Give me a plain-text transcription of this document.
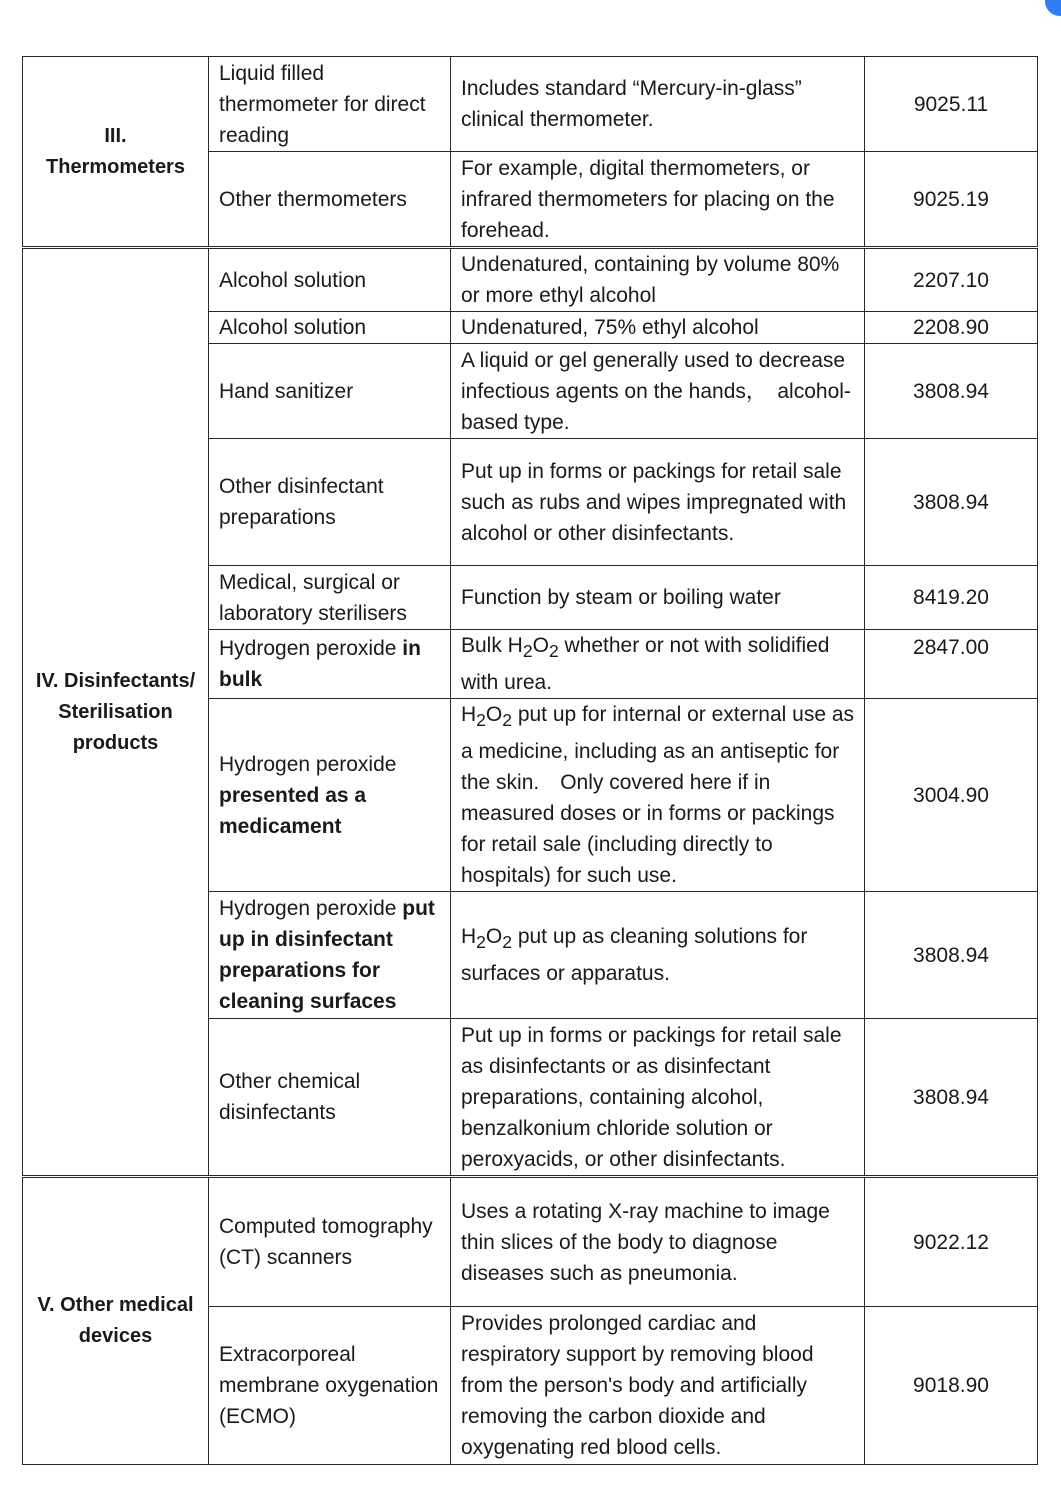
III.
Thermometers	Liquid filled thermometer for direct reading	Includes standard “Mercury-in-glass” clinical thermometer.	9025.11
	Other thermometers	For example, digital thermometers, or infrared thermometers for placing on the forehead.	9025.19

IV. Disinfectants/
Sterilisation
products	Alcohol solution	Undenatured, containing by volume 80% or more ethyl alcohol	2207.10
	Alcohol solution	Undenatured, 75% ethyl alcohol	2208.90
	Hand sanitizer	A liquid or gel generally used to decrease infectious agents on the hands，　alcohol-based type.	3808.94
	Other disinfectant preparations	Put up in forms or packings for retail sale such as rubs and wipes impregnated with alcohol or other disinfectants.	3808.94
	Medical, surgical or laboratory sterilisers	Function by steam or boiling water	8419.20
	Hydrogen peroxide in bulk	Bulk $H_2O_2$ whether or not with solidified with urea.	2847.00
	Hydrogen peroxide presented as a medicament	$H_2O_2$ put up for internal or external use as a medicine, including as an antiseptic for the skin.　Only covered here if in measured doses or in forms or packings for retail sale (including directly to hospitals) for such use.	3004.90
	Hydrogen peroxide put up in disinfectant preparations for cleaning surfaces	$H_2O_2$ put up as cleaning solutions for surfaces or apparatus.	3808.94
	Other chemical disinfectants	Put up in forms or packings for retail sale as disinfectants or as disinfectant preparations, containing alcohol, benzalkonium chloride solution or peroxyacids, or other disinfectants.	3808.94

V. Other medical
devices	Computed tomography (CT) scanners	Uses a rotating X-ray machine to image thin slices of the body to diagnose diseases such as pneumonia.	9022.12
	Extracorporeal membrane oxygenation (ECMO)	Provides prolonged cardiac and respiratory support by removing blood from the person's body and artificially removing the carbon dioxide and oxygenating red blood cells.	9018.90
